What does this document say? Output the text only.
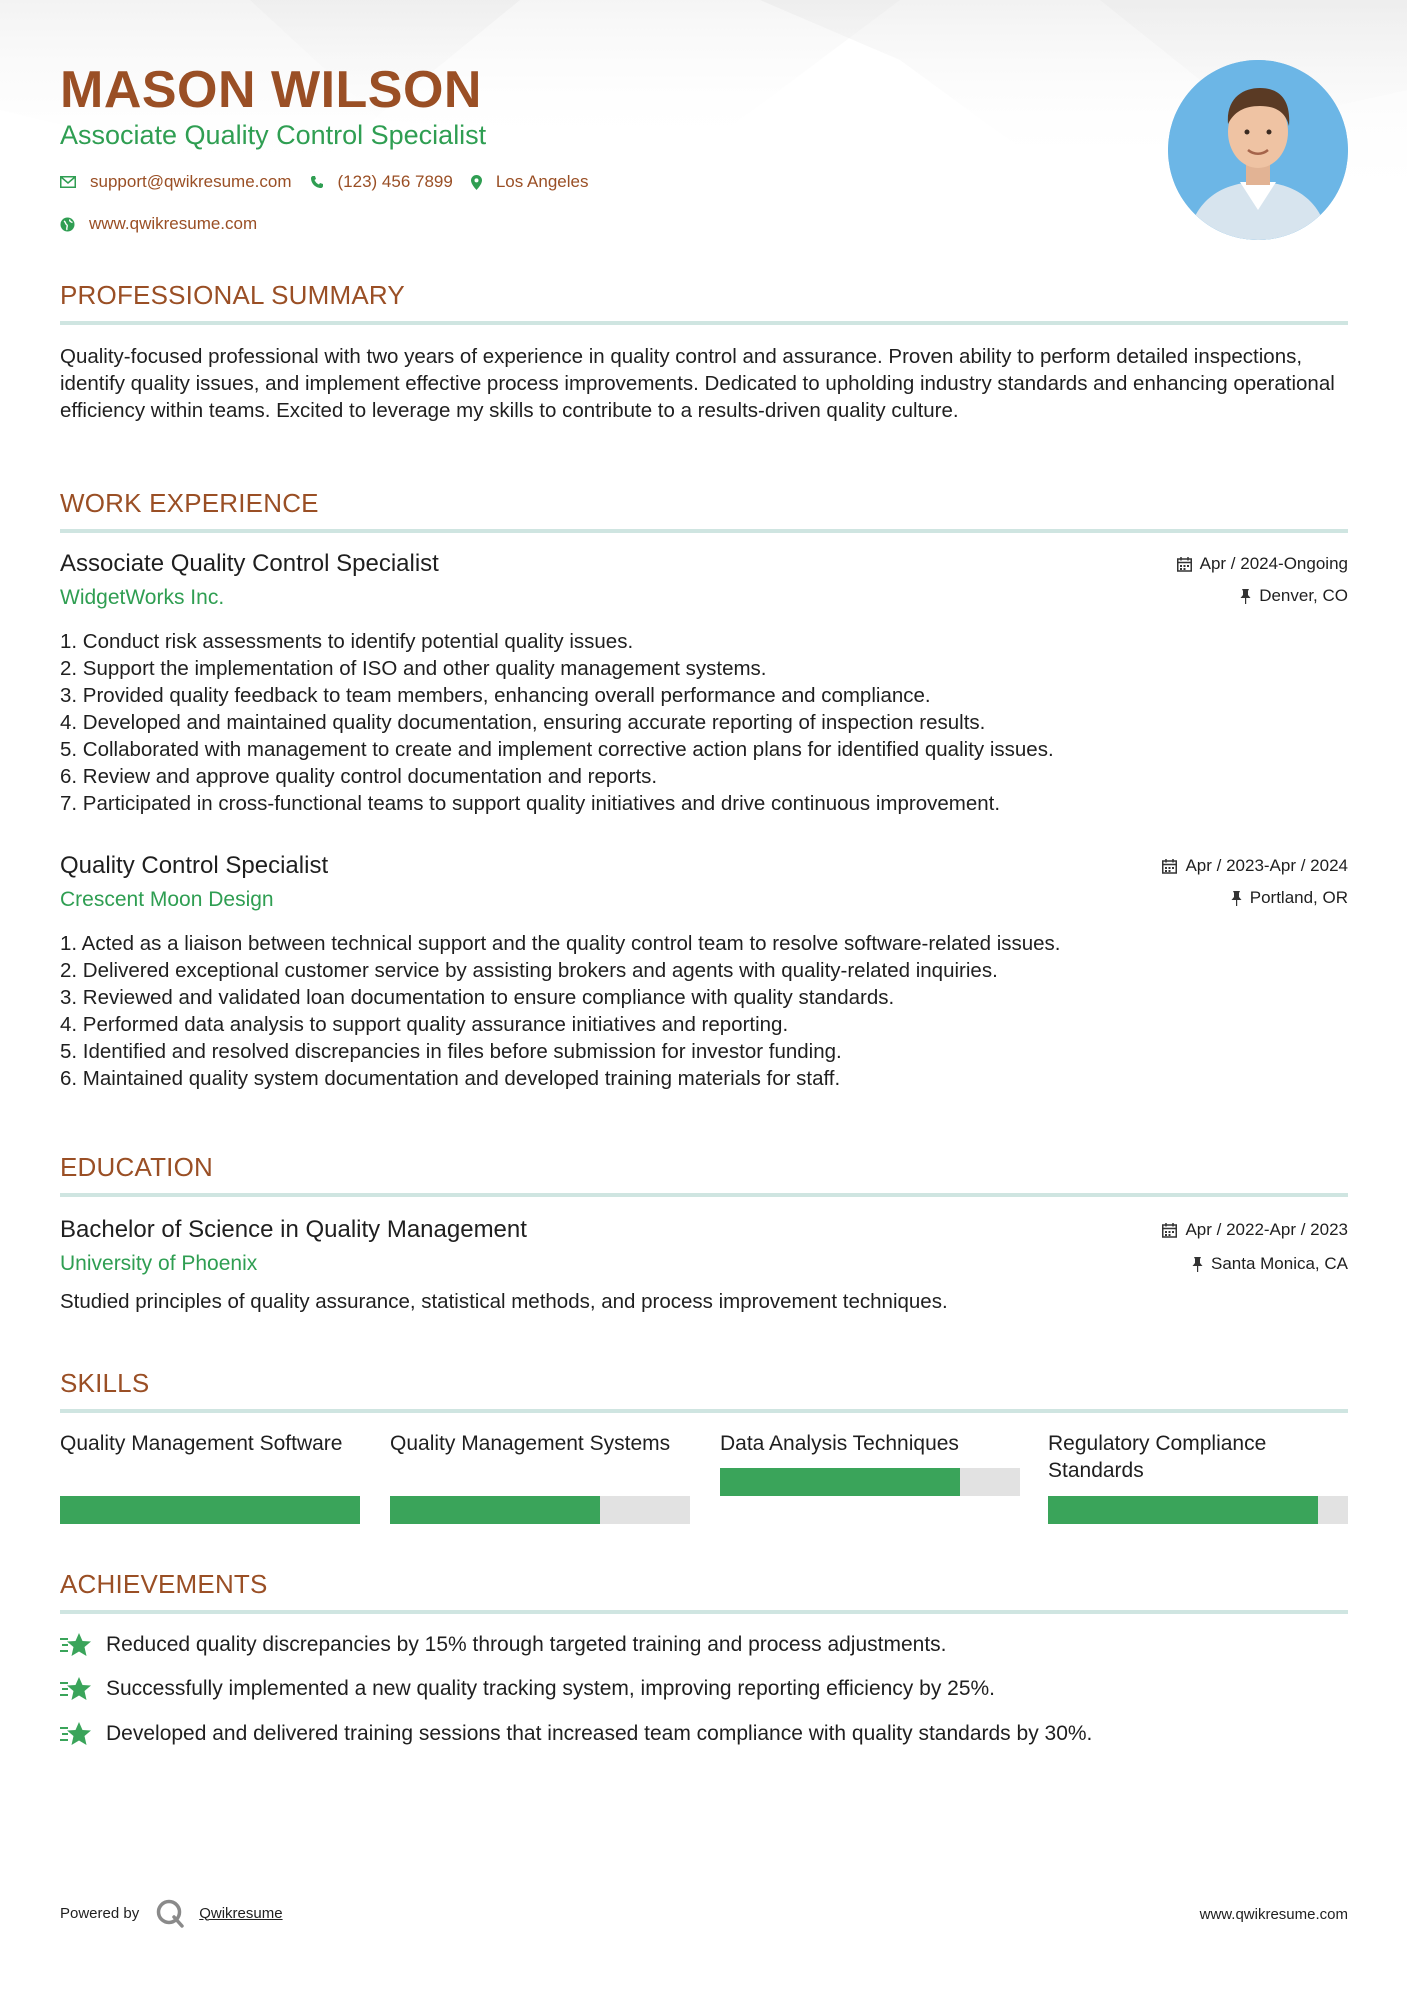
MASON WILSON
Associate Quality Control Specialist
support@qwikresume.com	(123) 456 7899	Los Angeles
www.qwikresume.com
PROFESSIONAL SUMMARY

Quality-focused professional with two years of experience in quality control and assurance. Proven ability to perform detailed inspections, identify quality issues, and implement effective process improvements. Dedicated to upholding industry standards and enhancing operational efficiency within teams. Excited to leverage my skills to contribute to a results-driven quality culture.

WORK EXPERIENCE
Associate Quality Control Specialist
WidgetWorks Inc.
Apr / 2024-Ongoing
Denver, CO
1. Conduct risk assessments to identify potential quality issues.
2. Support the implementation of ISO and other quality management systems.
3. Provided quality feedback to team members, enhancing overall performance and compliance.
4. Developed and maintained quality documentation, ensuring accurate reporting of inspection results.
5. Collaborated with management to create and implement corrective action plans for identified quality issues.
6. Review and approve quality control documentation and reports.
7. Participated in cross-functional teams to support quality initiatives and drive continuous improvement.
Quality Control Specialist
Crescent Moon Design
Apr / 2023-Apr / 2024
Portland, OR
1. Acted as a liaison between technical support and the quality control team to resolve software-related issues.
2. Delivered exceptional customer service by assisting brokers and agents with quality-related inquiries.
3. Reviewed and validated loan documentation to ensure compliance with quality standards.
4. Performed data analysis to support quality assurance initiatives and reporting.
5. Identified and resolved discrepancies in files before submission for investor funding.
6. Maintained quality system documentation and developed training materials for staff.
EDUCATION
Bachelor of Science in Quality Management
University of Phoenix
Apr / 2022-Apr / 2023
Santa Monica, CA
Studied principles of quality assurance, statistical methods, and process improvement techniques.
SKILLS
Quality Management Software	Quality Management Systems	Data Analysis Techniques	Regulatory Compliance Standards
ACHIEVEMENTS
Reduced quality discrepancies by 15% through targeted training and process adjustments.
Successfully implemented a new quality tracking system, improving reporting efficiency by 25%.
Developed and delivered training sessions that increased team compliance with quality standards by 30%.
Powered by	Qwikresume	www.qwikresume.com
